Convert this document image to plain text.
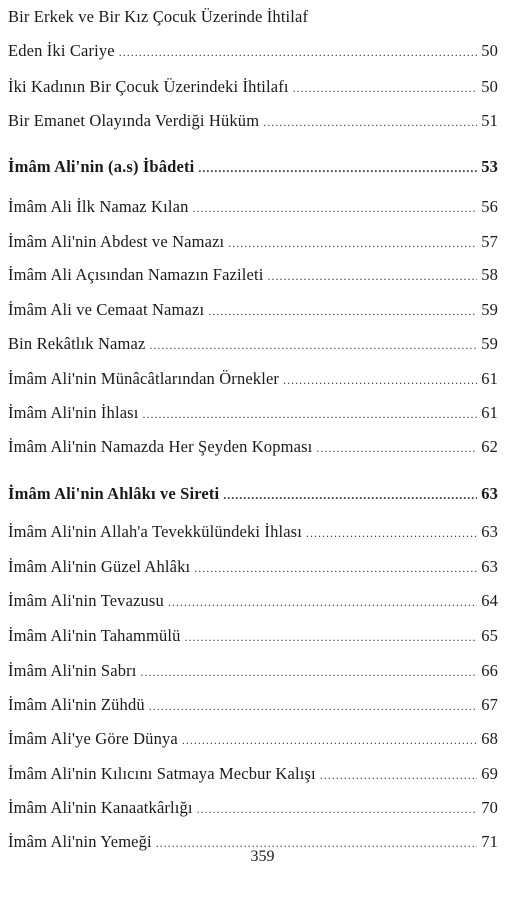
Bir Erkek ve Bir Kız Çocuk Üzerinde İhtilaf
Eden İki Cariye .....	50
İki Kadının Bir Çocuk Üzerindeki İhtilafı .....	50
Bir Emanet Olayında Verdiği Hüküm .....	51
İmâm Ali'nin (a.s) İbâdeti .....	53
İmâm Ali İlk Namaz Kılan .....	56
İmâm Ali'nin Abdest ve Namazı .....	57
İmâm Ali Açısından Namazın Fazileti .....	58
İmâm Ali ve Cemaat Namazı .....	59
Bin Rekâtlık Namaz .....	59
İmâm Ali'nin Münâcâtlarından Örnekler .....	61
İmâm Ali'nin İhlası .....	61
İmâm Ali'nin Namazda Her Şeyden Kopması .....	62
İmâm Ali'nin Ahlâkı ve Sireti .....	63
İmâm Ali'nin Allah'a Tevekkülündeki İhlası .....	63
İmâm Ali'nin Güzel Ahlâkı .....	63
İmâm Ali'nin Tevazusu .....	64
İmâm Ali'nin Tahammülü .....	65
İmâm Ali'nin Sabrı .....	66
İmâm Ali'nin Zühdü .....	67
İmâm Ali'ye Göre Dünya .....	68
İmâm Ali'nin Kılıcını Satmaya Mecbur Kalışı .....	69
İmâm Ali'nin Kanaatkârlığı .....	70
İmâm Ali'nin Yemeği .....	71
359
